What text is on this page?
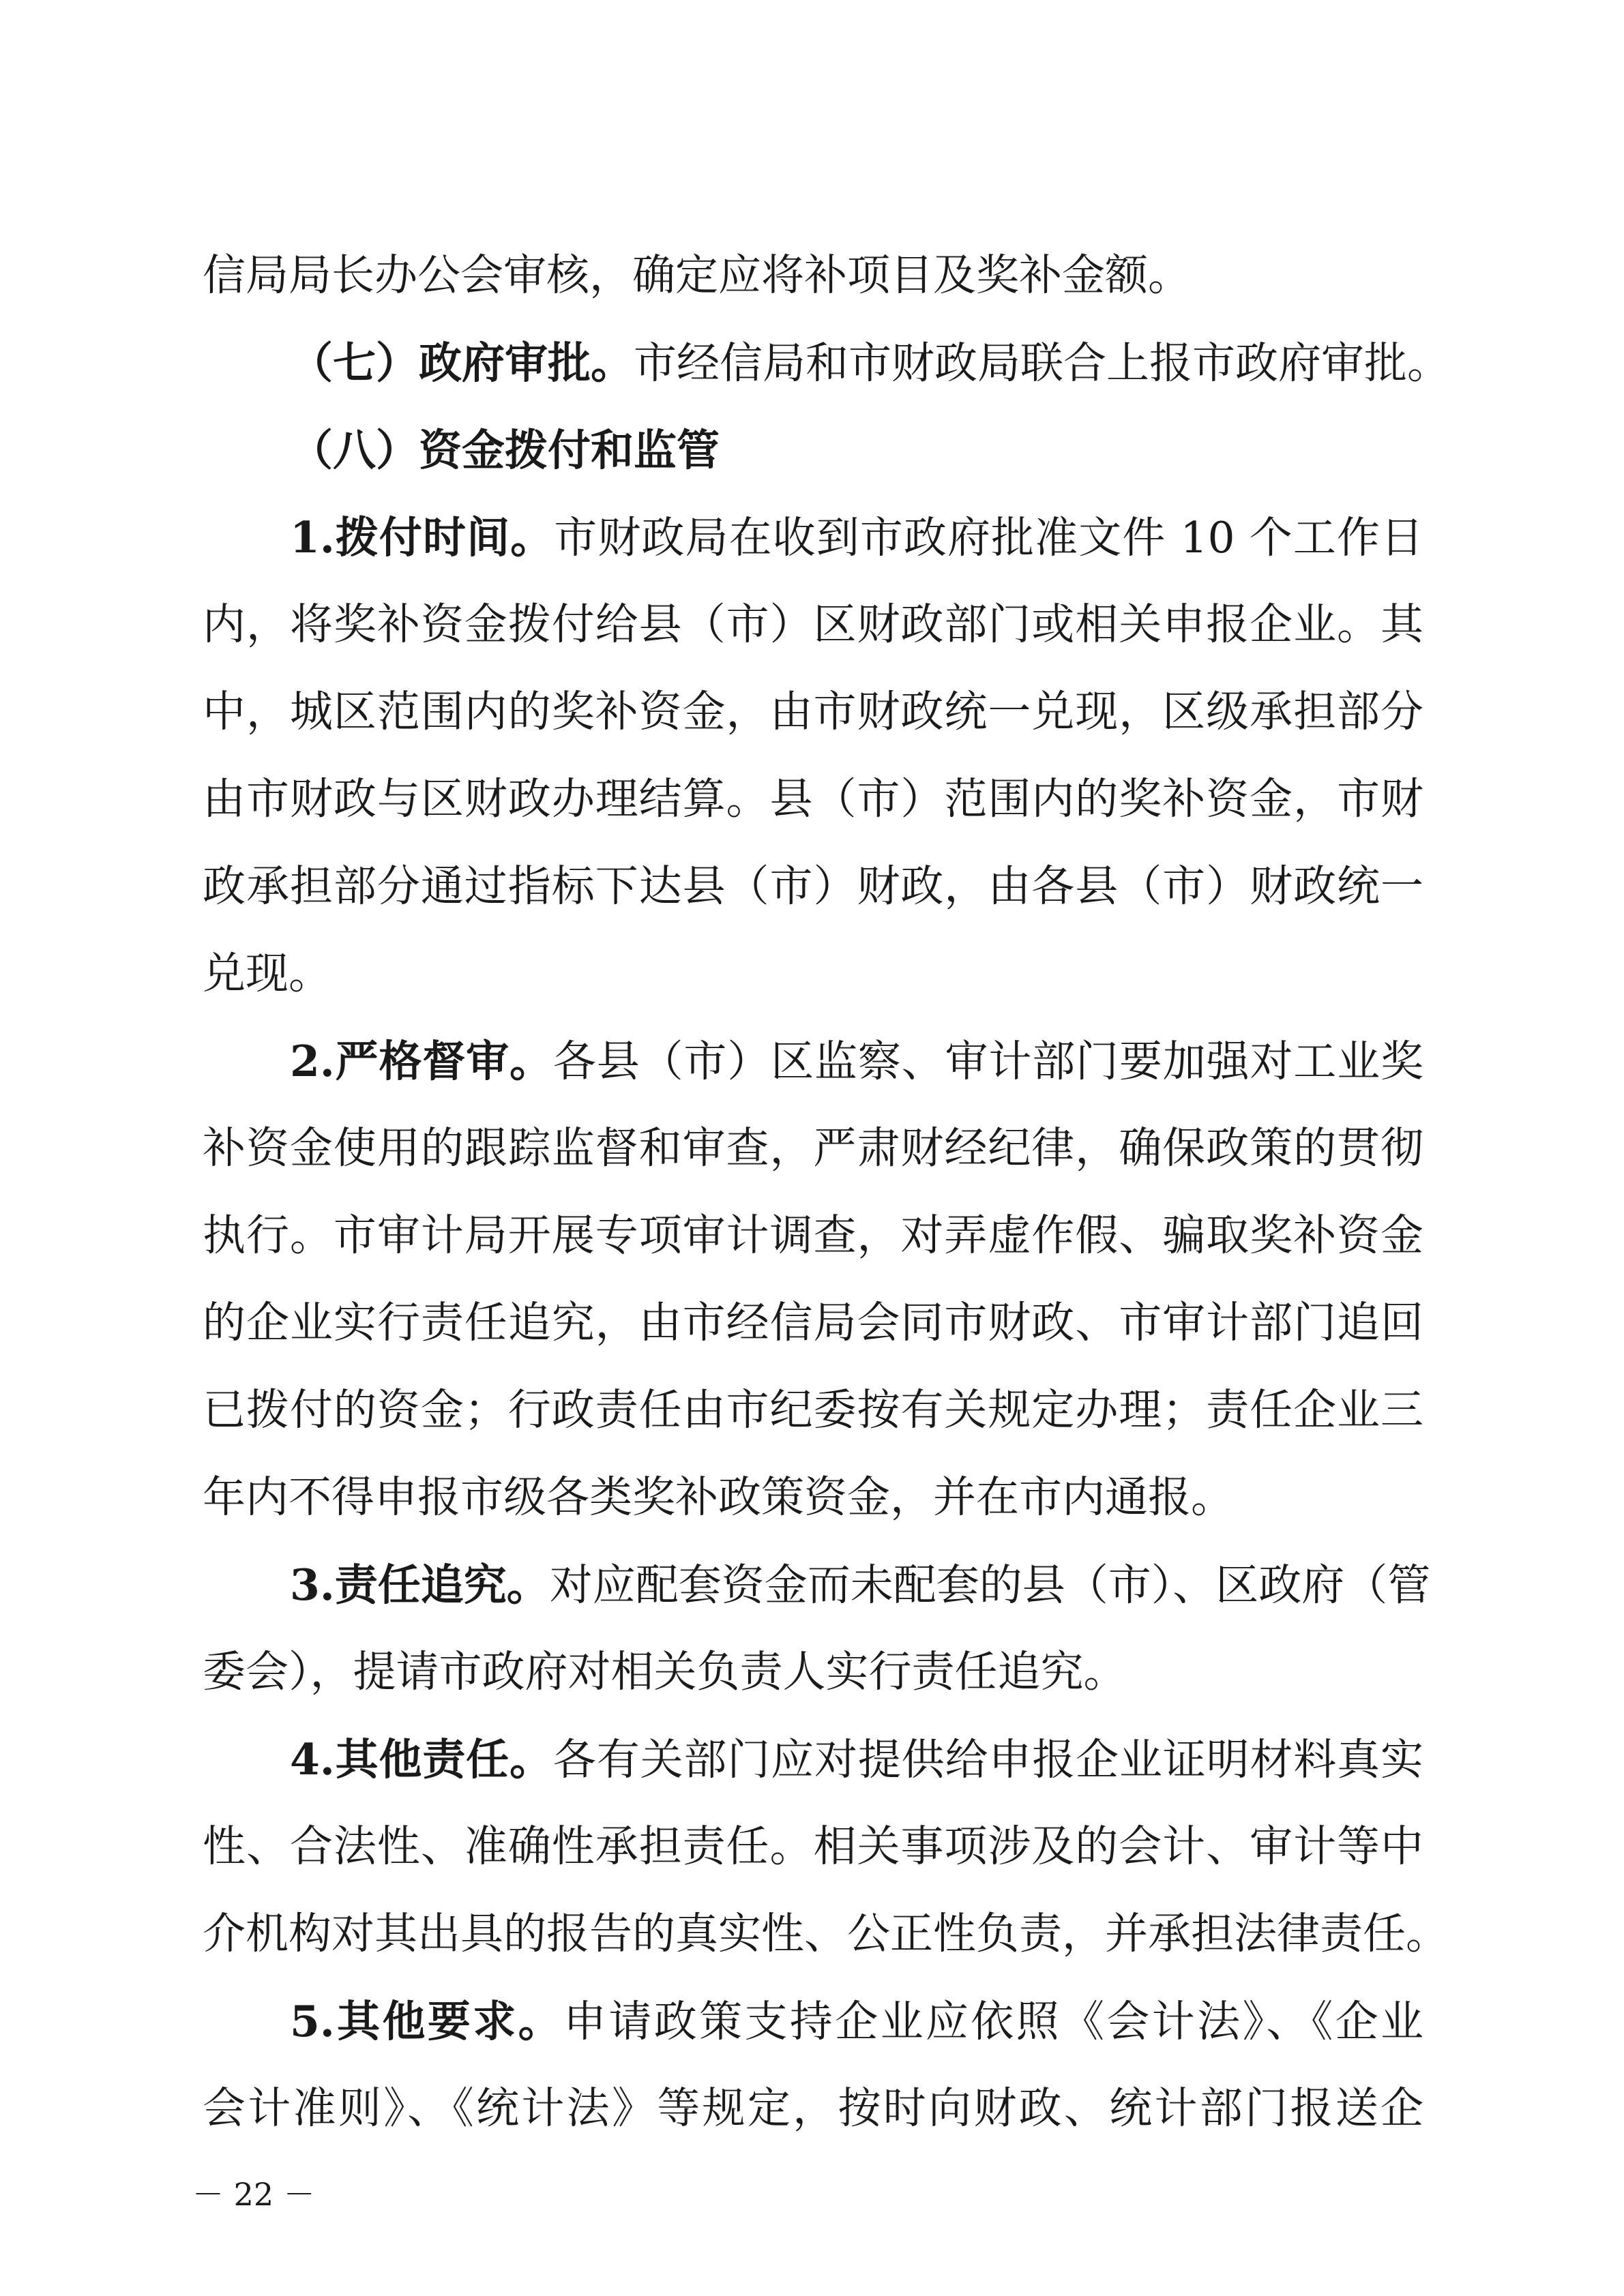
信局局长办公会审核，确定应将补项目及奖补金额。
（七）政府审批。市经信局和市财政局联合上报市政府审批。
（八）资金拨付和监管
1.拨付时间。市财政局在收到市政府批准文件 10 个工作日
内，将奖补资金拨付给县（市）区财政部门或相关申报企业。其
中，城区范围内的奖补资金，由市财政统一兑现，区级承担部分
由市财政与区财政办理结算。县（市）范围内的奖补资金，市财
政承担部分通过指标下达县（市）财政，由各县（市）财政统一
兑现。
2.严格督审。各县（市）区监察、审计部门要加强对工业奖
补资金使用的跟踪监督和审查，严肃财经纪律，确保政策的贯彻
执行。市审计局开展专项审计调查，对弄虚作假、骗取奖补资金
的企业实行责任追究，由市经信局会同市财政、市审计部门追回
已拨付的资金；行政责任由市纪委按有关规定办理；责任企业三
年内不得申报市级各类奖补政策资金，并在市内通报。
3.责任追究。对应配套资金而未配套的县（市）、区政府（管
委会），提请市政府对相关负责人实行责任追究。
4.其他责任。各有关部门应对提供给申报企业证明材料真实
性、合法性、准确性承担责任。相关事项涉及的会计、审计等中
介机构对其出具的报告的真实性、公正性负责，并承担法律责任。
5.其他要求。申请政策支持企业应依照《会计法》、《企业
会计准则》、《统计法》等规定，按时向财政、统计部门报送企
－ 22 －
